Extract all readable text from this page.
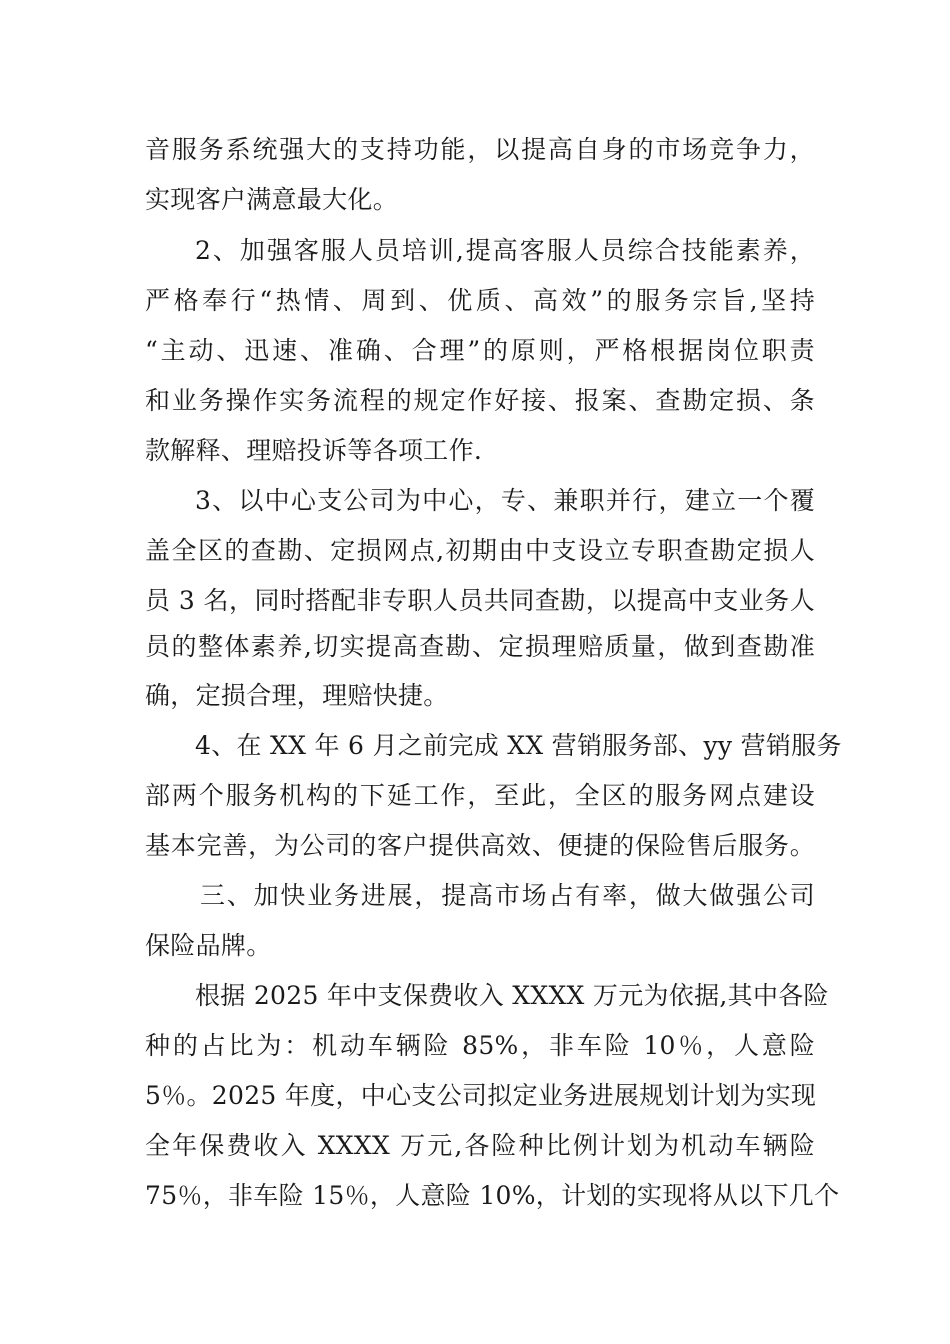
音服务系统强大的支持功能，以提高自身的市场竞争力，
实现客户满意最大化。
2、加强客服人员培训,提高客服人员综合技能素养，
严格奉行“热情、周到、优质、高效”的服务宗旨,坚持
“主动、迅速、准确、合理”的原则，严格根据岗位职责
和业务操作实务流程的规定作好接、报案、查勘定损、条
款解释、理赔投诉等各项工作.
3、以中心支公司为中心，专、兼职并行，建立一个覆
盖全区的查勘、定损网点,初期由中支设立专职查勘定损人
员 3 名，同时搭配非专职人员共同查勘，以提高中支业务人
员的整体素养,切实提高查勘、定损理赔质量，做到查勘准
确，定损合理，理赔快捷。
4、在 XX 年 6 月之前完成 XX 营销服务部、yy 营销服务
部两个服务机构的下延工作，至此，全区的服务网点建设
基本完善，为公司的客户提供高效、便捷的保险售后服务。
三、加快业务进展，提高市场占有率，做大做强公司
保险品牌。
根据 2025 年中支保费收入 XXXX 万元为依据,其中各险
种的占比为：机动车辆险 85%，非车险 10％，人意险
5％。2025 年度，中心支公司拟定业务进展规划计划为实现
全年保费收入 XXXX 万元,各险种比例计划为机动车辆险
75％，非车险 15％，人意险 10%，计划的实现将从以下几个
